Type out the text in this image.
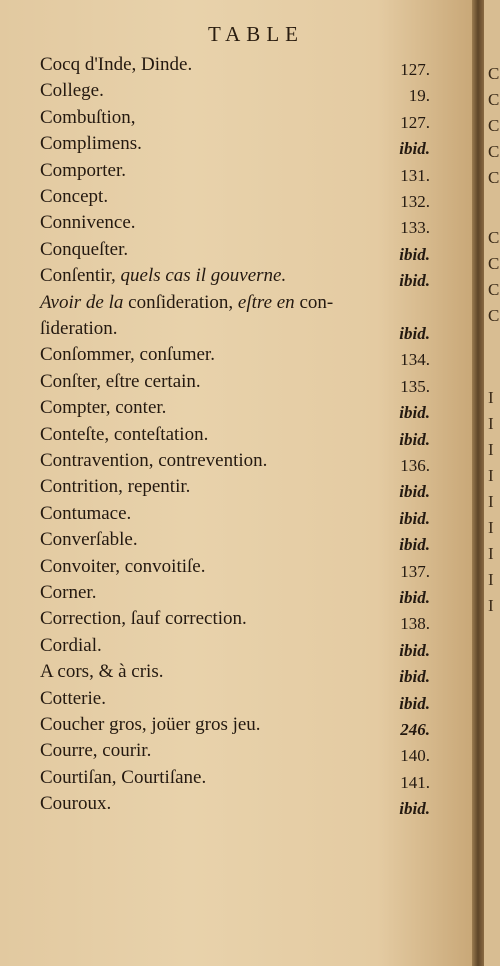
C
C
C
C
C
C
C
C
C
I
I
I
I
I
I
I
I
I
TABLE
Cocq d'Inde, Dinde.	127.
College.	19.
Combuſtion,	127.
Complimens.	ibid.
Comporter.	131.
Concept.	132.
Connivence.	133.
Conqueſter.	ibid.
Conſentir, quels cas il gouverne.	ibid.
Avoir de la conſideration, eſtre en con-
ſideration.	ibid.
Conſommer, conſumer.	134.
Conſter, eſtre certain.	135.
Compter, conter.	ibid.
Conteſte, conteſtation.	ibid.
Contravention, contrevention.	136.
Contrition, repentir.	ibid.
Contumace.	ibid.
Converſable.	ibid.
Convoiter, convoitiſe.	137.
Corner.	ibid.
Correction, ſauf correction.	138.
Cordial.	ibid.
A cors, & à cris.	ibid.
Cotterie.	ibid.
Coucher gros, joüer gros jeu.	246.
Courre, courir.	140.
Courtiſan, Courtiſane.	141.
Couroux.	ibid.
